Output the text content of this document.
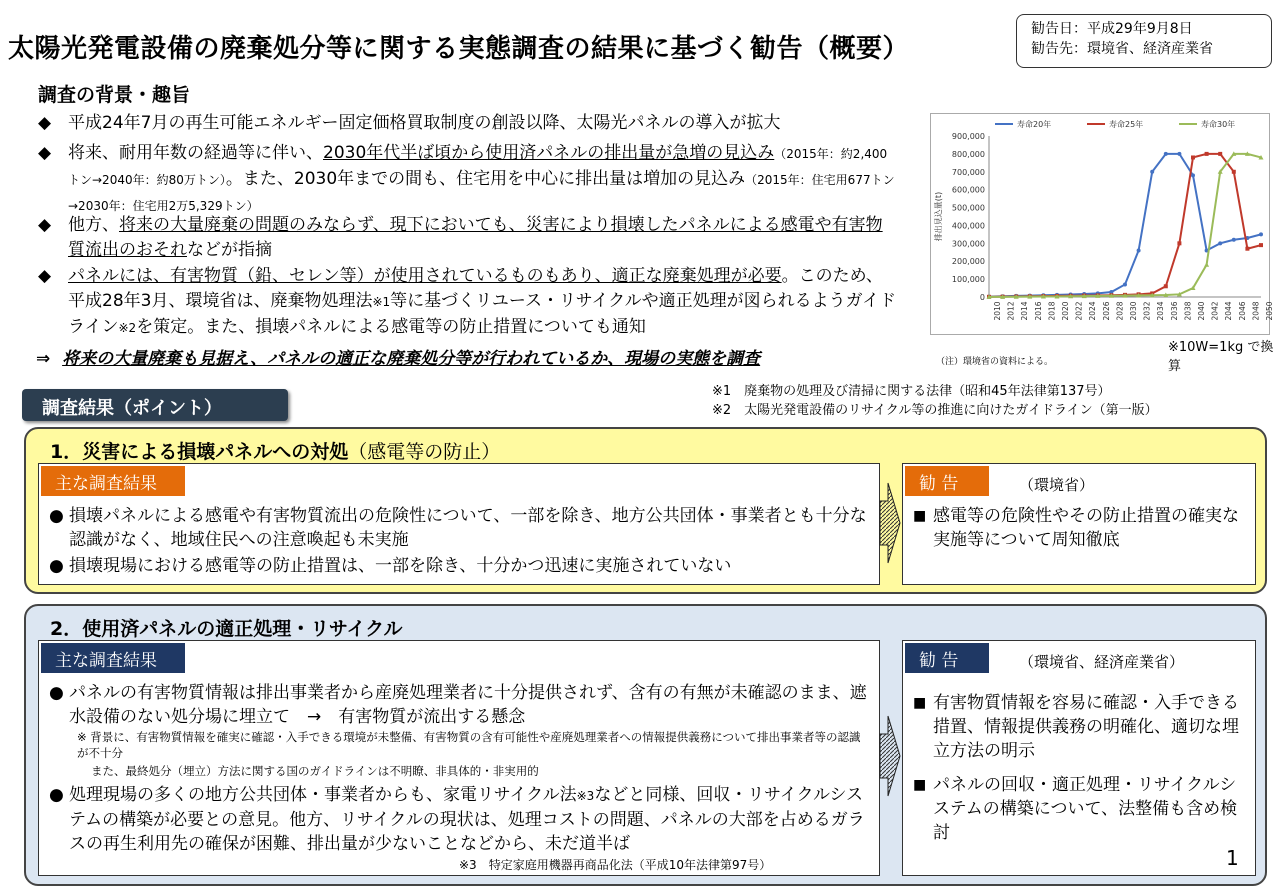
太陽光発電設備の廃棄処分等に関する実態調査の結果に基づく勧告（概要）
勧告日：平成29年9月8日
勧告先：環境省、経済産業省
調査の背景・趣旨
◆ 平成24年7月の再生可能エネルギー固定価格買取制度の創設以降、太陽光パネルの導入が拡大
◆ 将来、耐用年数の経過等に伴い、2030年代半ば頃から使用済パネルの排出量が急増の見込み（2015年：約2,400トン→2040年：約80万トン）。また、2030年までの間も、住宅用を中心に排出量は増加の見込み（2015年：住宅用677トン→2030年：住宅用2万5,329トン）
◆ 他方、将来の大量廃棄の問題のみならず、現下においても、災害により損壊したパネルによる感電や有害物質流出のおそれなどが指摘
◆ パネルには、有害物質（鉛、セレン等）が使用されているものもあり、適正な廃棄処理が必要。このため、平成28年3月、環境省は、廃棄物処理法※1等に基づくリユース・リサイクルや適正処理が図られるようガイドライン※2を策定。また、損壊パネルによる感電等の防止措置についても通知
⇒ 将来の大量廃棄も見据え、パネルの適正な廃棄処分等が行われているか、現場の実態を調査
900,000
800,000
700,000
600,000
500,000
400,000
300,000
200,000
100,000
0
2010 2012 2014 2016 2018 2020 2022 2024 2026 2028 2030 2032 2034 2036 2038 2040 2042 2044 2046 2048 2050
排出見込量(t)
寿命20年	寿命25年	寿命30年
※10W=1kg で換算
（注）環境省の資料による。
※1　廃棄物の処理及び清掃に関する法律（昭和45年法律第137号）
※2　太陽光発電設備のリサイクル等の推進に向けたガイドライン（第一版）
調査結果（ポイント）
1．災害による損壊パネルへの対処（感電等の防止）
主な調査結果
● 損壊パネルによる感電や有害物質流出の危険性について、一部を除き、地方公共団体・事業者とも十分な認識がなく、地域住民への注意喚起も未実施
● 損壊現場における感電等の防止措置は、一部を除き、十分かつ迅速に実施されていない
勧 告	（環境省）
■ 感電等の危険性やその防止措置の確実な実施等について周知徹底
2．使用済パネルの適正処理・リサイクル
主な調査結果
● パネルの有害物質情報は排出事業者から産廃処理業者に十分提供されず、含有の有無が未確認のまま、遮水設備のない処分場に埋立て　→　有害物質が流出する懸念
※ 背景に、有害物質情報を確実に確認・入手できる環境が未整備、有害物質の含有可能性や産廃処理業者への情報提供義務について排出事業者等の認識が不十分
また、最終処分（埋立）方法に関する国のガイドラインは不明瞭、非具体的・非実用的
● 処理現場の多くの地方公共団体・事業者からも、家電リサイクル法※3などと同様、回収・リサイクルシステムの構築が必要との意見。他方、リサイクルの現状は、処理コストの問題、パネルの大部を占めるガラスの再生利用先の確保が困難、排出量が少ないことなどから、未だ道半ば
※3　特定家庭用機器再商品化法（平成10年法律第97号）
勧 告	（環境省、経済産業省）
■ 有害物質情報を容易に確認・入手できる措置、情報提供義務の明確化、適切な埋立方法の明示
■ パネルの回収・適正処理・リサイクルシステムの構築について、法整備も含め検討
1
